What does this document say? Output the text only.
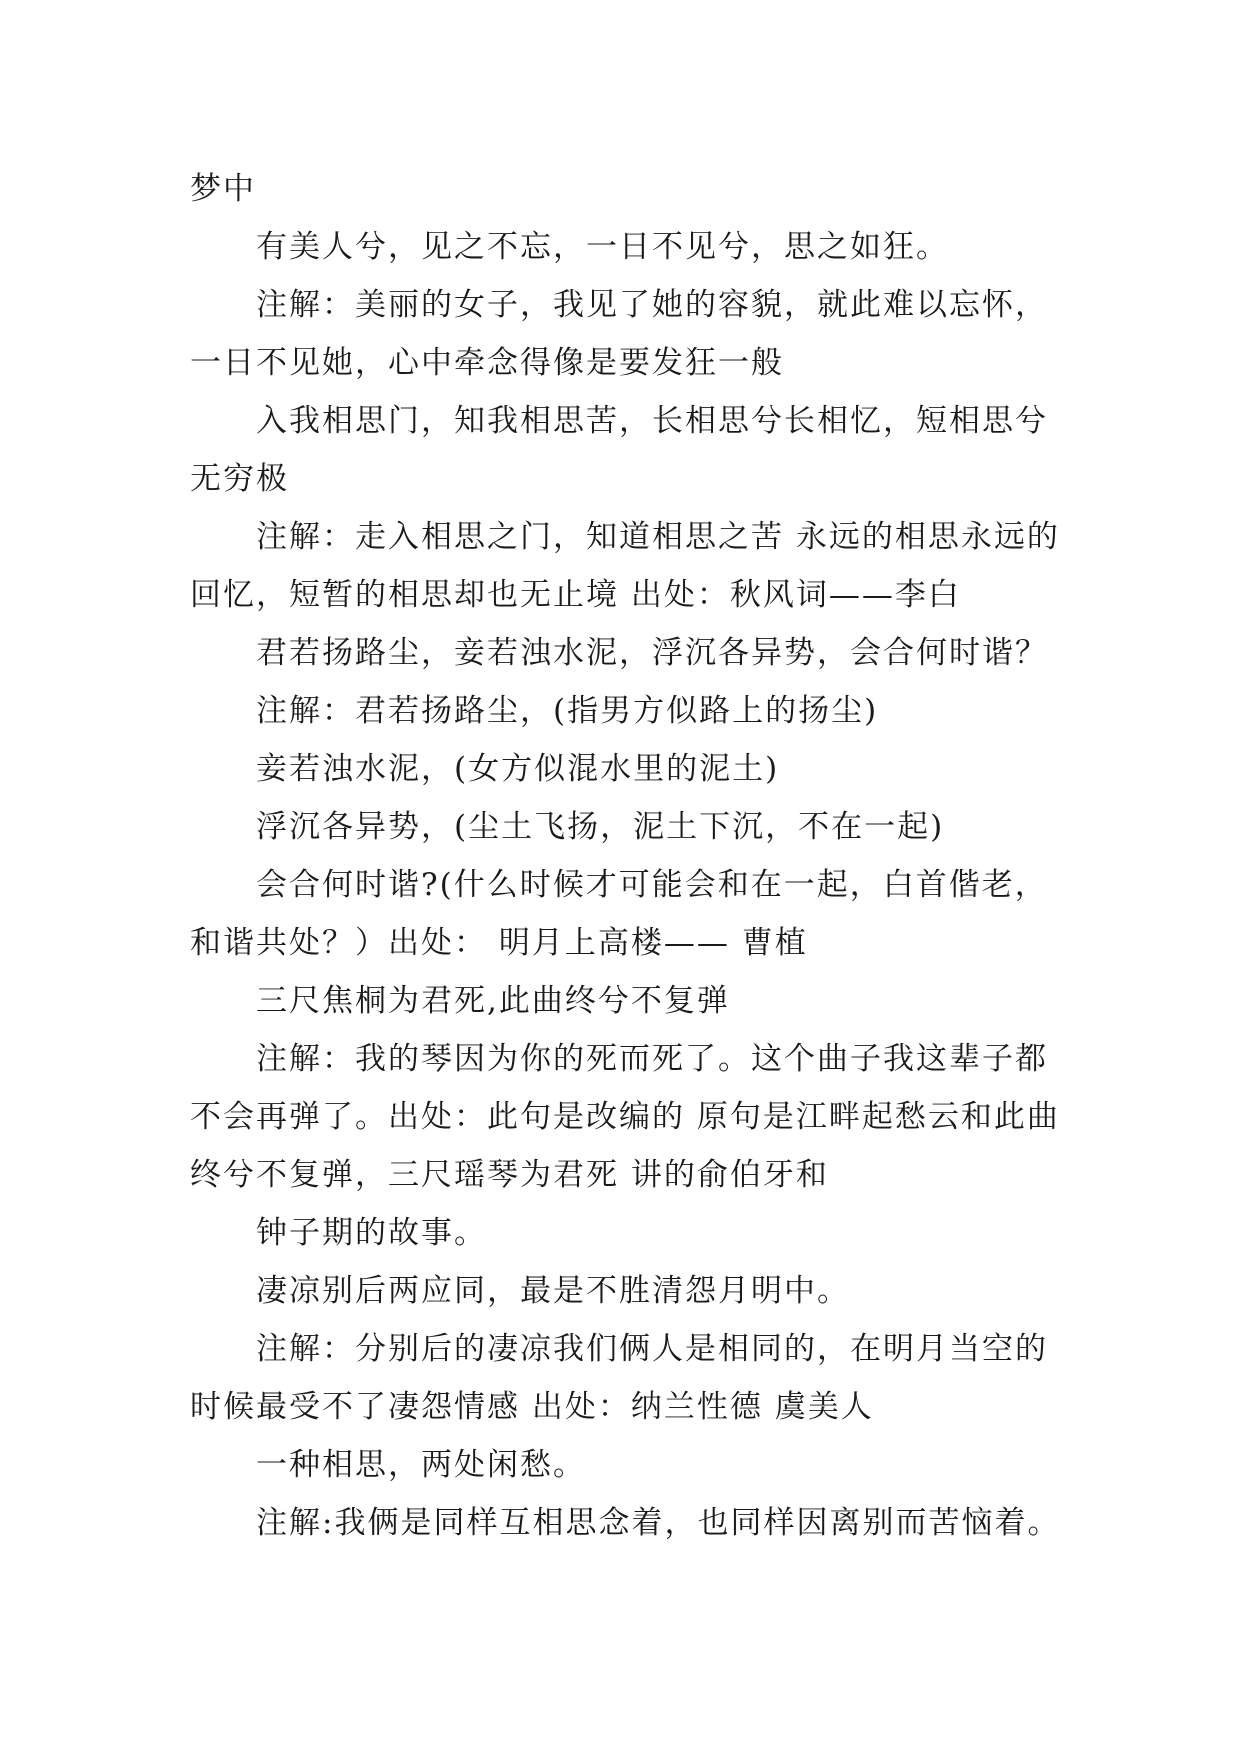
梦中

有美人兮，见之不忘，一日不见兮，思之如狂。

注解：美丽的女子，我见了她的容貌，就此难以忘怀，一日不见她，心中牵念得像是要发狂一般

入我相思门，知我相思苦，长相思兮长相忆，短相思兮无穷极

注解：走入相思之门，知道相思之苦 永远的相思永远的回忆，短暂的相思却也无止境 出处：秋风词——李白

君若扬路尘，妾若浊水泥，浮沉各异势，会合何时谐？

注解：君若扬路尘，(指男方似路上的扬尘)

妾若浊水泥，(女方似混水里的泥土)

浮沉各异势，(尘土飞扬，泥土下沉，不在一起)

会合何时谐?(什么时候才可能会和在一起，白首偕老，和谐共处？）出处： 明月上高楼—— 曹植

三尺焦桐为君死,此曲终兮不复弹

注解：我的琴因为你的死而死了。这个曲子我这辈子都不会再弹了。出处：此句是改编的 原句是江畔起愁云和此曲终兮不复弹，三尺瑶琴为君死 讲的俞伯牙和

钟子期的故事。

凄凉别后两应同，最是不胜清怨月明中。

注解：分别后的凄凉我们俩人是相同的，在明月当空的时候最受不了凄怨情感 出处：纳兰性德 虞美人

一种相思，两处闲愁。

注解:我俩是同样互相思念着，也同样因离别而苦恼着。
